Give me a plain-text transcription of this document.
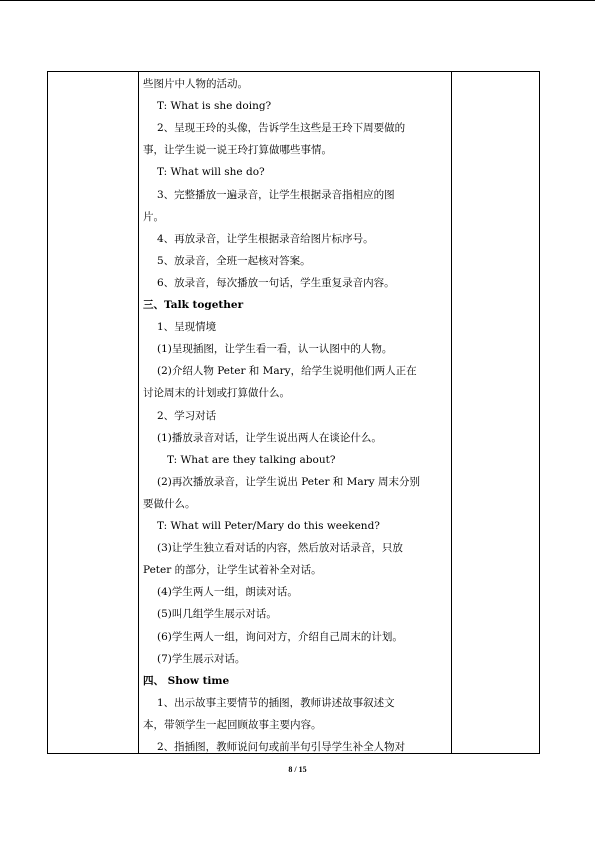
些图片中人物的活动。
T: What is she doing?
2、呈现王玲的头像，告诉学生这些是王玲下周要做的
事，让学生说一说王玲打算做哪些事情。
T: What will she do?
3、完整播放一遍录音，让学生根据录音指相应的图
片。
4、再放录音，让学生根据录音给图片标序号。
5、放录音，全班一起核对答案。
6、放录音，每次播放一句话，学生重复录音内容。
三、Talk together
1、呈现情境
(1)呈现插图，让学生看一看，认一认图中的人物。
(2)介绍人物 Peter 和 Mary，给学生说明他们两人正在
讨论周末的计划或打算做什么。
2、学习对话
(1)播放录音对话，让学生说出两人在谈论什么。
T: What are they talking about?
(2)再次播放录音，让学生说出 Peter 和 Mary 周末分别
要做什么。
T: What will Peter/Mary do this weekend?
(3)让学生独立看对话的内容，然后放对话录音，只放
Peter 的部分，让学生试着补全对话。
(4)学生两人一组，朗读对话。
(5)叫几组学生展示对话。
(6)学生两人一组，询问对方，介绍自己周末的计划。
(7)学生展示对话。
四、 Show time
1、出示故事主要情节的插图，教师讲述故事叙述文
本，带领学生一起回顾故事主要内容。
2、指插图，教师说问句或前半句引导学生补全人物对
8 / 15
